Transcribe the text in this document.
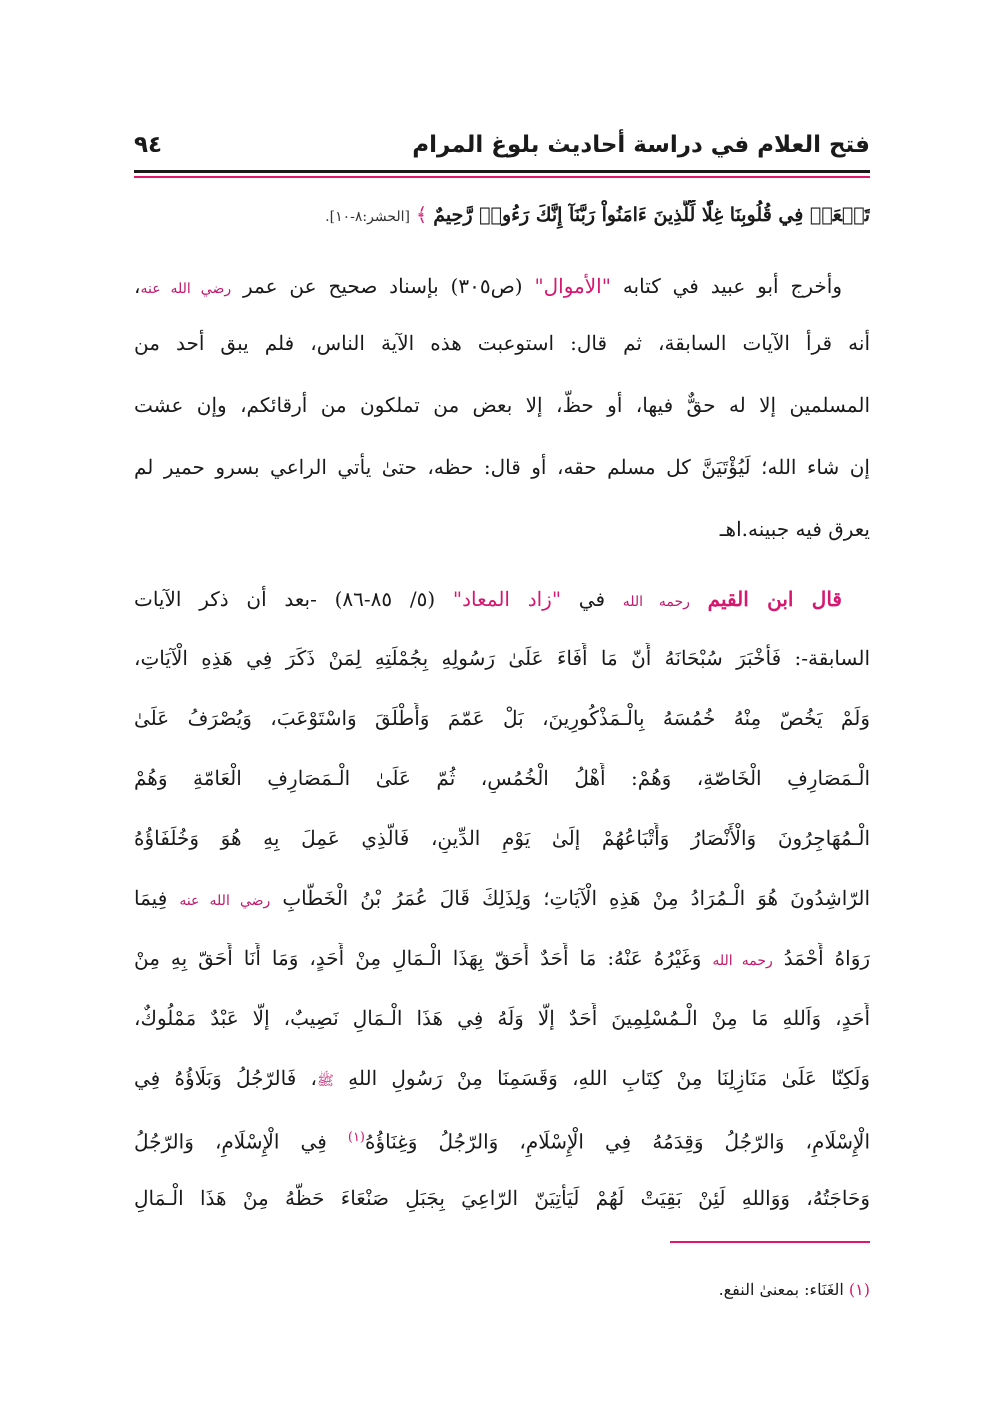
فتح العلام في دراسة أحاديث بلوغ المرام
٩٤
تَجۡعَلۡ فِي قُلُوبِنَا غِلّٗا لِّلَّذِينَ ءَامَنُواْ رَبَّنَآ إِنَّكَ رَءُوفٞ رَّحِيمٌ ﴾ [الحشر:٨-١٠].
وأخرج أبو عبيد في كتابه "الأموال" (ص٣٠٥) بإسناد صحيح عن عمر رضي الله عنه،
أنه قرأ الآيات السابقة، ثم قال: استوعبت هذه الآية الناس، فلم يبق أحد من
المسلمين إلا له حقٌّ فيها، أو حظٌّ، إلا بعض من تملكون من أرقائكم، وإن عشت
إن شاء الله؛ لَيُؤْتَيَنَّ كل مسلم حقه، أو قال: حظه، حتىٰ يأتي الراعي بسرو حمير لم
يعرق فيه جبينه.اهـ
قال ابن القيم رحمه الله في "زاد المعاد" (٥/ ٨٥-٨٦) -بعد أن ذكر الآيات
السابقة-: فَأَخْبَرَ سُبْحَانَهُ أَنّ مَا أَفَاءَ عَلَىٰ رَسُولِهِ بِجُمْلَتِهِ لِمَنْ ذَكَرَ فِي هَذِهِ الْآيَاتِ،
وَلَمْ يَخُصّ مِنْهُ خُمُسَهُ بِالْـمَذْكُورِينَ، بَلْ عَمّمَ وَأَطْلَقَ وَاسْتَوْعَبَ، وَيُصْرَفُ عَلَىٰ
الْـمَصَارِفِ الْخَاصّةِ، وَهُمْ: أَهْلُ الْخُمُسِ، ثُمّ عَلَىٰ الْـمَصَارِفِ الْعَامّةِ وَهُمْ
الْـمُهَاجِرُونَ وَالْأَنْصَارُ وَأَتْبَاعُهُمْ إلَىٰ يَوْمِ الدِّينِ، فَالّذِي عَمِلَ بِهِ هُوَ وَخُلَفَاؤُهُ
الرّاشِدُونَ هُوَ الْـمُرَادُ مِنْ هَذِهِ الْآيَاتِ؛ وَلِذَلِكَ قَالَ عُمَرُ بْنُ الْخَطّابِ رضي الله عنه فِيمَا
رَوَاهُ أَحْمَدُ رحمه الله وَغَيْرُهُ عَنْهُ: مَا أَحَدٌ أَحَقّ بِهَذَا الْـمَالِ مِنْ أَحَدٍ، وَمَا أَنَا أَحَقّ بِهِ مِنْ
أَحَدٍ، وَاَللهِ مَا مِنْ الْـمُسْلِمِينَ أَحَدٌ إلّا وَلَهُ فِي هَذَا الْـمَالِ نَصِيبٌ، إلّا عَبْدٌ مَمْلُوكٌ،
وَلَكِنّا عَلَىٰ مَنَازِلِنَا مِنْ كِتَابِ اللهِ، وَقَسَمِنَا مِنْ رَسُولِ اللهِ ﷺ، فَالرّجُلُ وَبَلَاؤُهُ فِي
الْإِسْلَامِ، وَالرّجُلُ وَقِدَمُهُ فِي الْإِسْلَامِ، وَالرّجُلُ وَغِنَاؤُهُ$^{(١)}$ فِي الْإِسْلَامِ، وَالرّجُلُ
وَحَاجَتُهُ، وَوَاللهِ لَئِنْ بَقِيَتْ لَهُمْ لَيَأْتِيَنّ الرّاعِيَ بِجَبَلِ صَنْعَاءَ حَظّهُ مِنْ هَذَا الْـمَالِ
(١) الغَنَاء: بمعنىٰ النفع.
